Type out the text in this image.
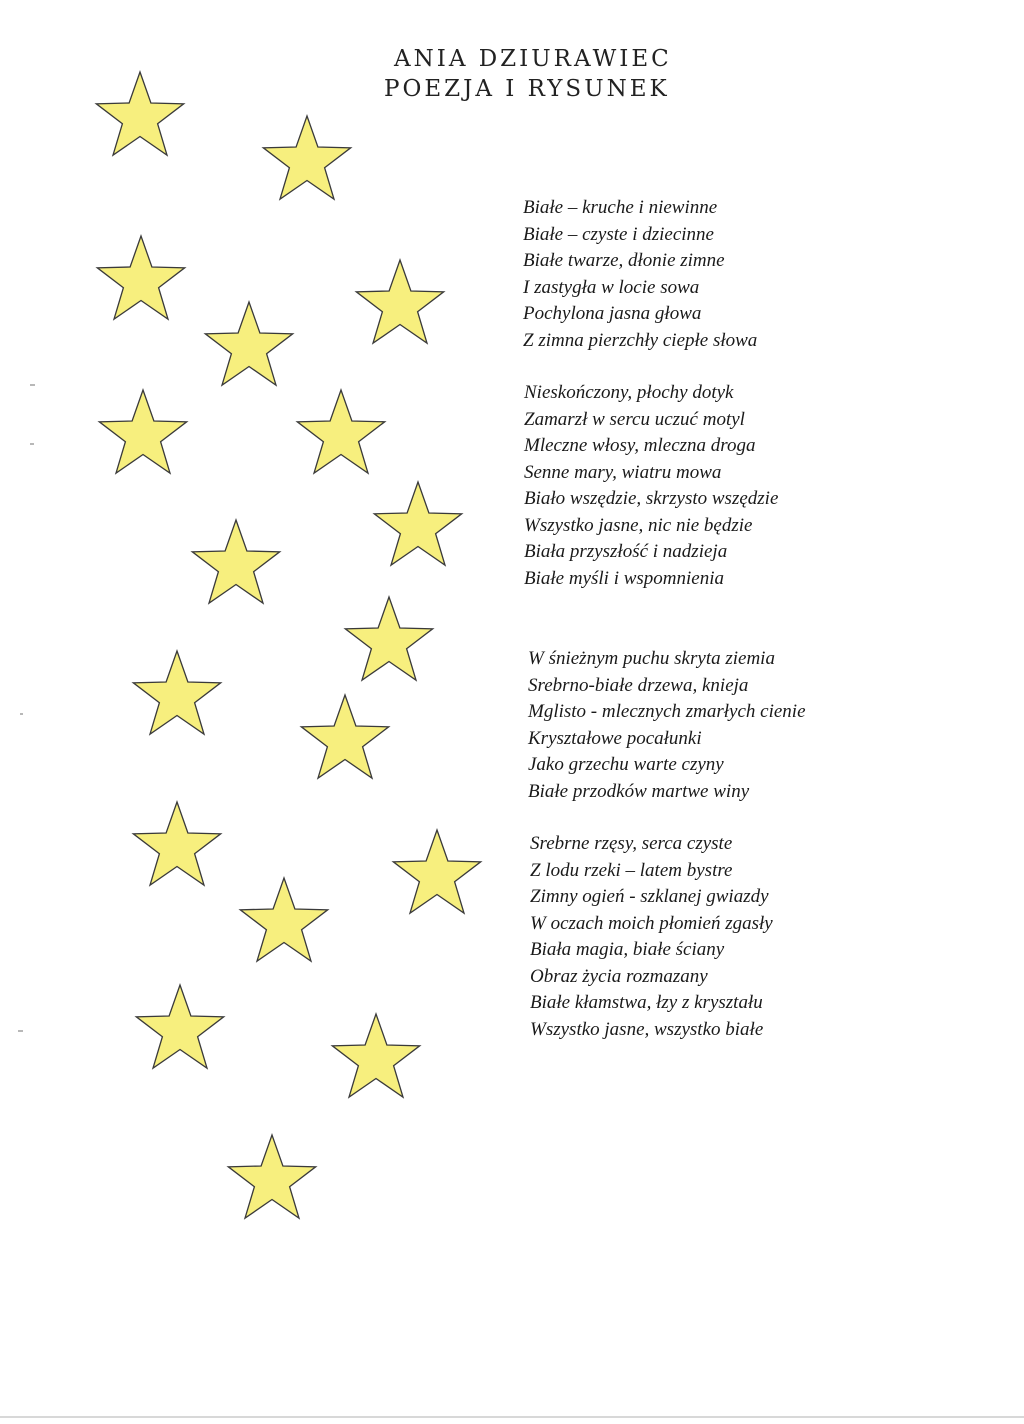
ANIA DZIURAWIEC
POEZJA I RYSUNEK
Białe – kruche i niewinne
Białe – czyste i dziecinne
Białe twarze, dłonie zimne
I zastygła w locie sowa
Pochylona jasna głowa
Z zimna pierzchły ciepłe słowa
Nieskończony, płochy dotyk
Zamarzł w sercu uczuć motyl
Mleczne włosy, mleczna droga
Senne mary, wiatru mowa
Biało wszędzie, skrzysto wszędzie
Wszystko jasne, nic nie będzie
Biała przyszłość i nadzieja
Białe myśli i wspomnienia
W śnieżnym puchu skryta ziemia
Srebrno-białe drzewa, knieja
Mglisto - mlecznych zmarłych cienie
Kryształowe pocałunki
Jako grzechu warte czyny
Białe przodków martwe winy
Srebrne rzęsy, serca czyste
Z lodu rzeki – latem bystre
Zimny ogień - szklanej gwiazdy
W oczach moich płomień zgasły
Biała magia, białe ściany
Obraz życia rozmazany
Białe kłamstwa, łzy z kryształu
Wszystko jasne, wszystko białe
